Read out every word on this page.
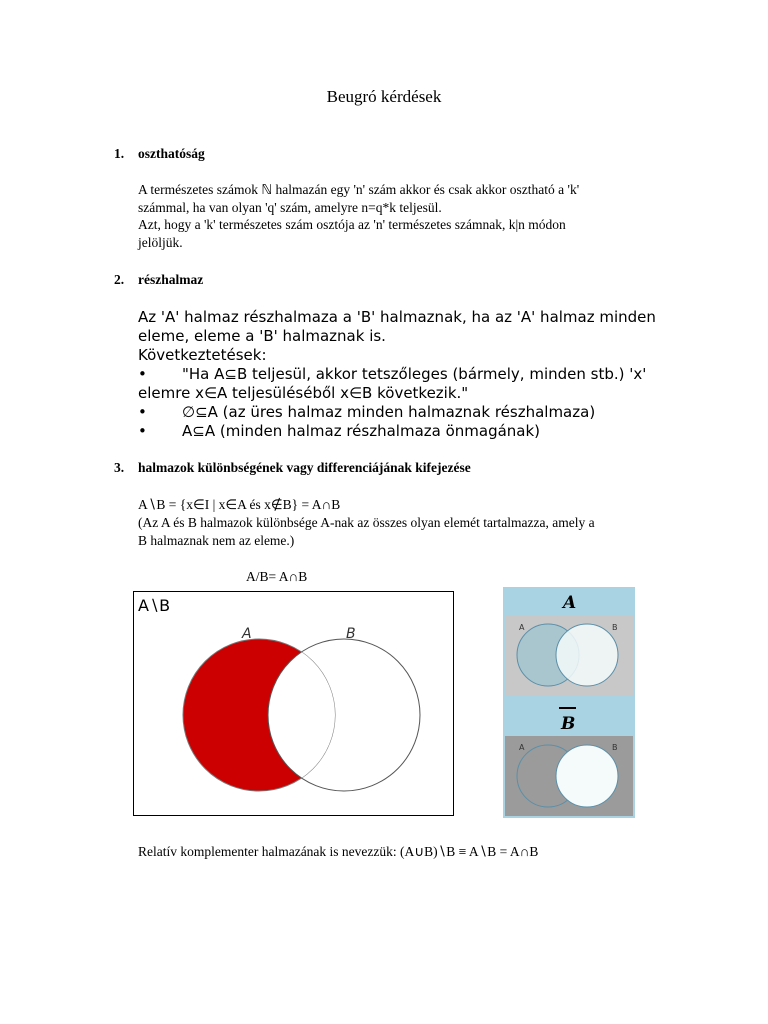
Beugró kérdések

1. oszthatóság
A természetes számok ℕ halmazán egy 'n' szám akkor és csak akkor osztható a 'k'
számmal, ha van olyan 'q' szám, amelyre n=q*k teljesül.
Azt, hogy a 'k' természetes szám osztója az 'n' természetes számnak, k|n módon
jelöljük.
2. részhalmaz
Az 'A' halmaz részhalmaza a 'B' halmaznak, ha az 'A' halmaz minden
eleme, eleme a 'B' halmaznak is.
Következtetések:
• "Ha A⊆B teljesül, akkor tetszőleges (bármely, minden stb.) 'x'
elemre x∈A teljesüléséből x∈B következik."
• ∅⊆A (az üres halmaz minden halmaznak részhalmaza)
• A⊆A (minden halmaz részhalmaza önmagának)
3. halmazok különbségének vagy differenciájának kifejezése
A∖B = {x∈I | x∈A és x∉B} = A∩B
(Az A és B halmazok különbsége A-nak az összes olyan elemét tartalmazza, amely a
B halmaznak nem az eleme.)
A/B= A∩B
A∖B
A	B
A
A	B
B
A	B
Relatív komplementer halmazának is nevezzük: (A∪B)∖B ≡ A∖B = A∩B
